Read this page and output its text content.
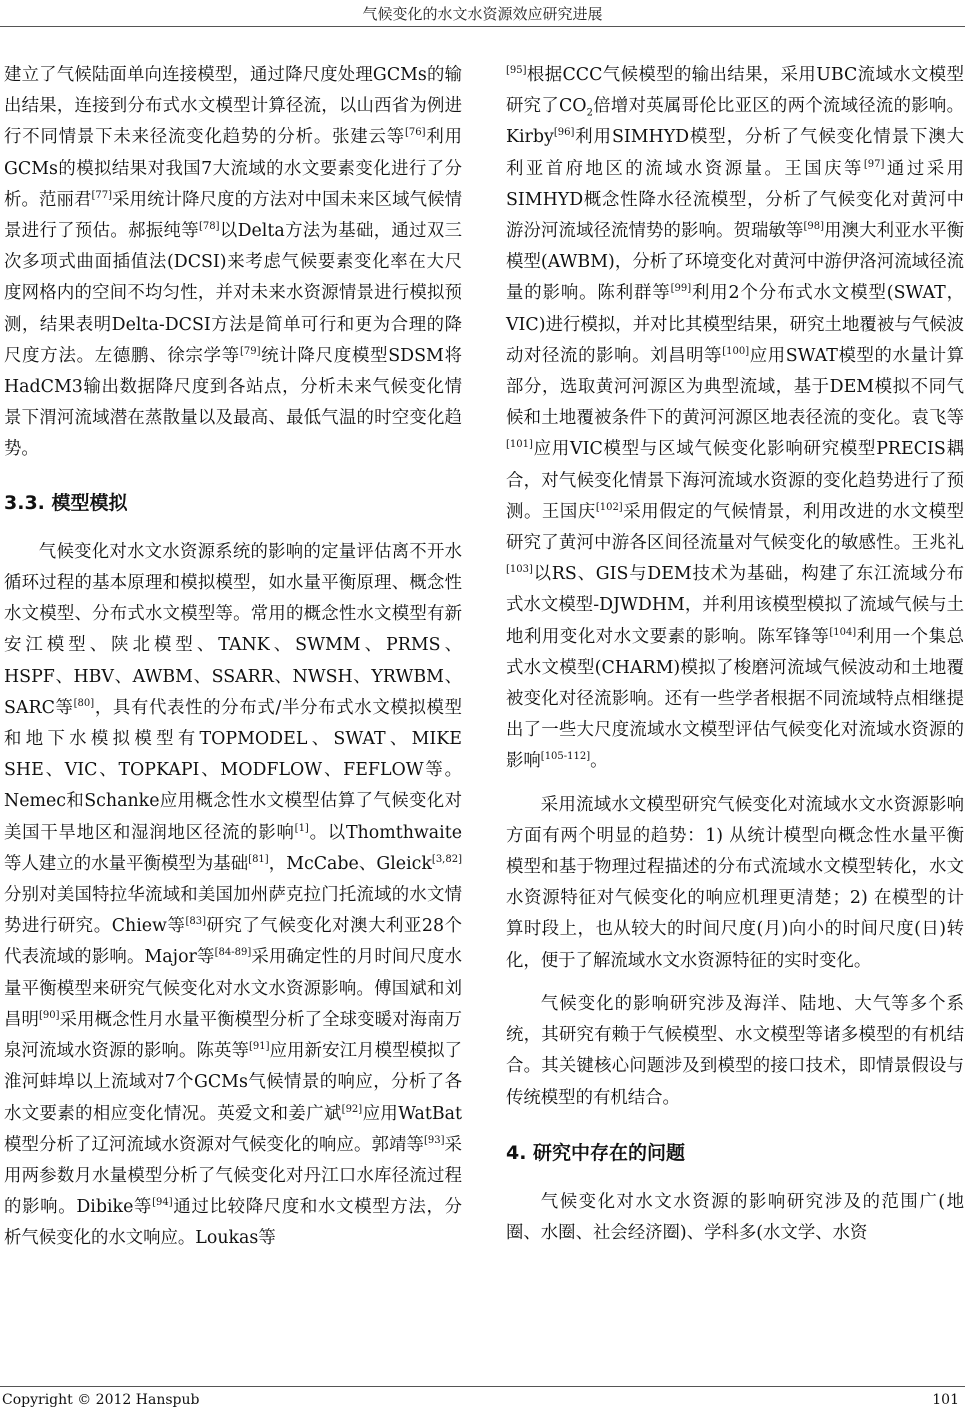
气候变化的水文水资源效应研究进展

建立了气候陆面单向连接模型，通过降尺度处理GCMs的输出结果，连接到分布式水文模型计算径流，以山西省为例进行不同情景下未来径流变化趋势的分析。张建云等[76]利用GCMs的模拟结果对我国7大流域的水文要素变化进行了分析。范丽君[77]采用统计降尺度的方法对中国未来区域气候情景进行了预估。郝振纯等[78]以Delta方法为基础，通过双三次多项式曲面插值法(DCSI)来考虑气候要素变化率在大尺度网格内的空间不均匀性，并对未来水资源情景进行模拟预测，结果表明Delta-DCSI方法是简单可行和更为合理的降尺度方法。左德鹏、徐宗学等[79]统计降尺度模型SDSM将HadCM3输出数据降尺度到各站点，分析未来气候变化情景下渭河流域潜在蒸散量以及最高、最低气温的时空变化趋势。

3.3. 模型模拟

气候变化对水文水资源系统的影响的定量评估离不开水循环过程的基本原理和模拟模型，如水量平衡原理、概念性水文模型、分布式水文模型等。常用的概念性水文模型有新安江模型、陕北模型、TANK、SWMM、PRMS、HSPF、HBV、AWBM、SSARR、NWSH、YRWBM、SARC等[80]，具有代表性的分布式/半分布式水文模拟模型和地下水模拟模型有TOPMODEL、SWAT、MIKE SHE、VIC、TOPKAPI、MODFLOW、FEFLOW等。Nemec和Schanke应用概念性水文模型估算了气候变化对美国干旱地区和湿润地区径流的影响[1]。以Thomthwaite等人建立的水量平衡模型为基础[81]，McCabe、Gleick[3,82]分别对美国特拉华流域和美国加州萨克拉门托流域的水文情势进行研究。Chiew等[83]研究了气候变化对澳大利亚28个代表流域的影响。Major等[84-89]采用确定性的月时间尺度水量平衡模型来研究气候变化对水文水资源影响。傅国斌和刘昌明[90]采用概念性月水量平衡模型分析了全球变暖对海南万泉河流域水资源的影响。陈英等[91]应用新安江月模型模拟了淮河蚌埠以上流域对7个GCMs气候情景的响应，分析了各水文要素的相应变化情况。英爱文和姜广斌[92]应用WatBat模型分析了辽河流域水资源对气候变化的响应。郭靖等[93]采用两参数月水量模型分析了气候变化对丹江口水库径流过程的影响。Dibike等[94]通过比较降尺度和水文模型方法，分析气候变化的水文响应。Loukas等

[95]根据CCC气候模型的输出结果，采用UBC流域水文模型研究了$CO_2$倍增对英属哥伦比亚区的两个流域径流的影响。Kirby[96]利用SIMHYD模型，分析了气候变化情景下澳大利亚首府地区的流域水资源量。王国庆等[97]通过采用SIMHYD概念性降水径流模型，分析了气候变化对黄河中游汾河流域径流情势的影响。贺瑞敏等[98]用澳大利亚水平衡模型(AWBM)，分析了环境变化对黄河中游伊洛河流域径流量的影响。陈利群等[99]利用2个分布式水文模型(SWAT，VIC)进行模拟，并对比其模型结果，研究土地覆被与气候波动对径流的影响。刘昌明等[100]应用SWAT模型的水量计算部分，选取黄河河源区为典型流域，基于DEM模拟不同气候和土地覆被条件下的黄河河源区地表径流的变化。袁飞等[101]应用VIC模型与区域气候变化影响研究模型PRECIS耦合，对气候变化情景下海河流域水资源的变化趋势进行了预测。王国庆[102]采用假定的气候情景，利用改进的水文模型研究了黄河中游各区间径流量对气候变化的敏感性。王兆礼[103]以RS、GIS与DEM技术为基础，构建了东江流域分布式水文模型-DJWDHM，并利用该模型模拟了流域气候与土地利用变化对水文要素的影响。陈军锋等[104]利用一个集总式水文模型(CHARM)模拟了梭磨河流域气候波动和土地覆被变化对径流影响。还有一些学者根据不同流域特点相继提出了一些大尺度流域水文模型评估气候变化对流域水资源的影响[105-112]。

采用流域水文模型研究气候变化对流域水文水资源影响方面有两个明显的趋势：1) 从统计模型向概念性水量平衡模型和基于物理过程描述的分布式流域水文模型转化，水文水资源特征对气候变化的响应机理更清楚；2) 在模型的计算时段上，也从较大的时间尺度(月)向小的时间尺度(日)转化，便于了解流域水文水资源特征的实时变化。

气候变化的影响研究涉及海洋、陆地、大气等多个系统，其研究有赖于气候模型、水文模型等诸多模型的有机结合。其关键核心问题涉及到模型的接口技术，即情景假设与传统模型的有机结合。

4. 研究中存在的问题

气候变化对水文水资源的影响研究涉及的范围广(地圈、水圈、社会经济圈)、学科多(水文学、水资

Copyright © 2012 Hanspub	101
